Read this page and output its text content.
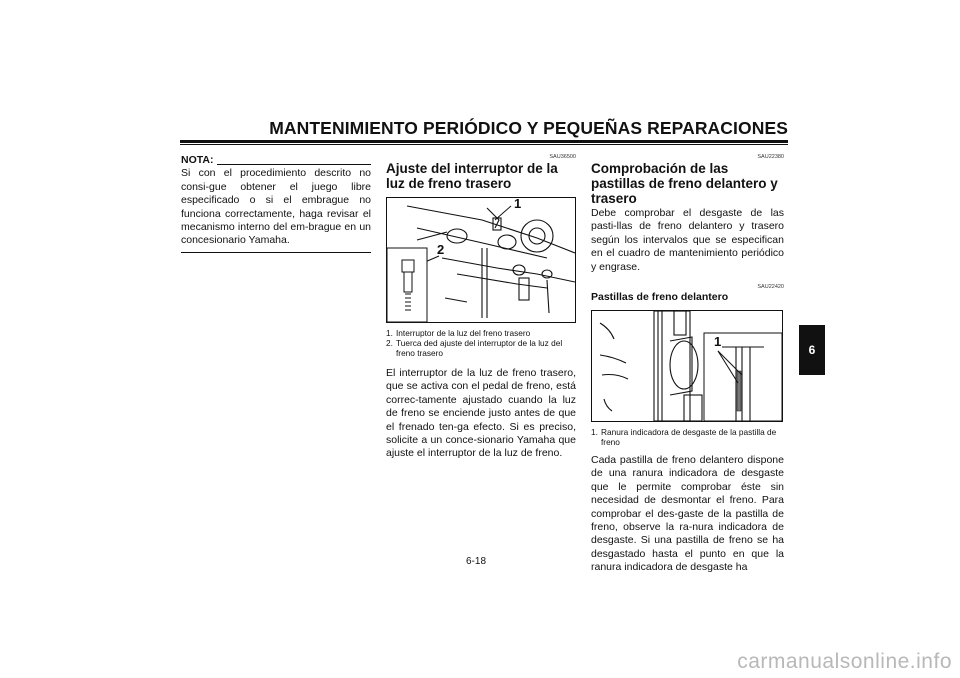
MANTENIMIENTO PERIÓDICO Y PEQUEÑAS REPARACIONES
NOTA:

Si con el procedimiento descrito no consi-gue obtener el juego libre especificado o si el embrague no funciona correctamente, haga revisar el mecanismo interno del em-brague en un concesionario Yamaha.

SAU36500
Ajuste del interruptor de la luz de freno trasero
1
2
1. Interruptor de la luz del freno trasero
2. Tuerca ded ajuste del interruptor de la luz del freno trasero

El interruptor de la luz de freno trasero, que se activa con el pedal de freno, está correc-tamente ajustado cuando la luz de freno se enciende justo antes de que el frenado ten-ga efecto. Si es preciso, solicite a un conce-sionario Yamaha que ajuste el interruptor de la luz de freno.

SAU22380
Comprobación de las pastillas de freno delantero y trasero

Debe comprobar el desgaste de las pasti-llas de freno delantero y trasero según los intervalos que se especifican en el cuadro de mantenimiento periódico y engrase.

SAU22420
Pastillas de freno delantero
1
1. Ranura indicadora de desgaste de la pastilla de freno

Cada pastilla de freno delantero dispone de una ranura indicadora de desgaste que le permite comprobar éste sin necesidad de desmontar el freno. Para comprobar el des-gaste de la pastilla de freno, observe la ra-nura indicadora de desgaste. Si una pastilla de freno se ha desgastado hasta el punto en que la ranura indicadora de desgaste ha

6
6-18
carmanualsonline.info
